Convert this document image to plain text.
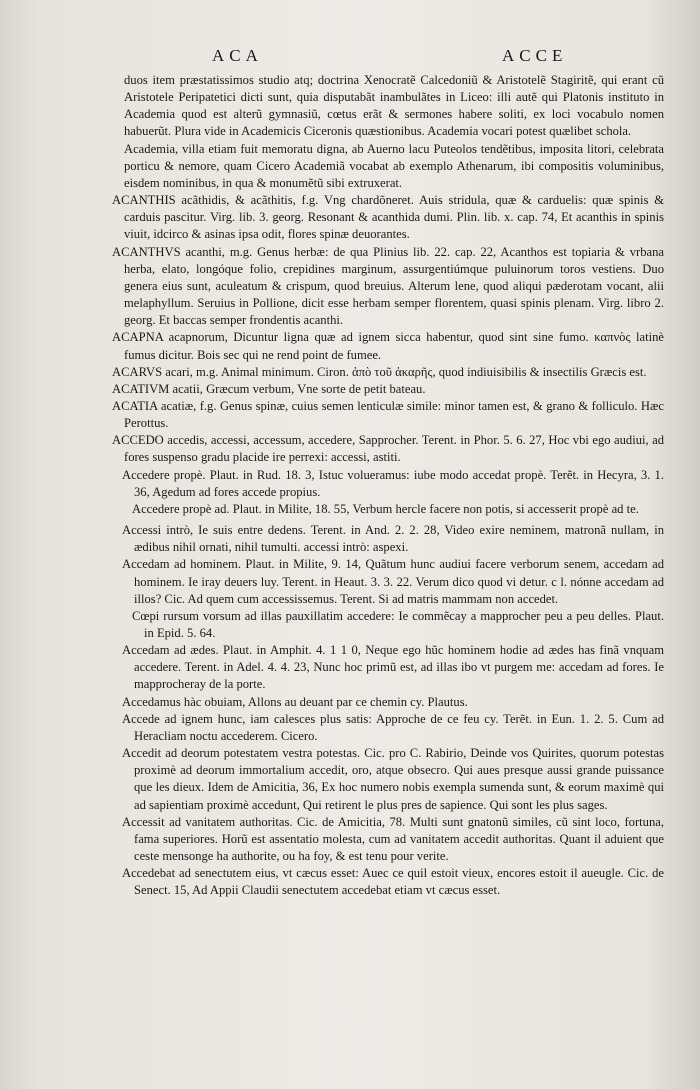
ACA	ACCE

duos item præstatissimos studio atq; doctrina Xenocratẽ Calcedoniũ & Aristotelẽ Stagiritẽ, qui erant cũ Aristotele Peripatetici dicti sunt, quia disputabãt inambulãtes in Liceo: illi autẽ qui Platonis instituto in Academia quod est alterũ gymnasiũ, cœtus erãt & sermones habere soliti, ex loci vocabulo nomen habuerũt. Plura vide in Academicis Ciceronis quæstionibus. Academia vocari potest quælibet schola.

Academia, villa etiam fuit memoratu digna, ab Auerno lacu Puteolos tendẽtibus, imposita litori, celebrata porticu & nemore, quam Cicero Academiã vocabat ab exemplo Athenarum, ibi compositis voluminibus, eisdem nominibus, in qua & monumẽtũ sibi extruxerat.

ACANTHIS acãthidis, & acãthitis, f.g. Vng chardõneret. Auis stridula, quæ & carduelis: quæ spinis & carduis pascitur. Virg. lib. 3. georg. Resonant & acanthida dumi. Plin. lib. x. cap. 74, Et acanthis in spinis viuit, idcirco & asinas ipsa odit, flores spinæ deuorantes.

ACANTHVS acanthi, m.g. Genus herbæ: de qua Plinius lib. 22. cap. 22, Acanthos est topiaria & vrbana herba, elato, longóque folio, crepidines marginum, assurgentiúmque puluinorum toros vestiens. Duo genera eius sunt, aculeatum & crispum, quod breuius. Alterum lene, quod aliqui pæderotam vocant, alii melaphyllum. Seruius in Pollione, dicit esse herbam semper florentem, quasi spinis plenam. Virg. libro 2. georg. Et baccas semper frondentis acanthi.

ACAPNA acapnorum, Dicuntur ligna quæ ad ignem sicca habentur, quod sint sine fumo. καπνὸς latinè fumus dicitur. Bois sec qui ne rend point de fumee.

ACARVS acari, m.g. Animal minimum. Ciron. ἀπὸ τοῦ ἀκαρῆς, quod indiuisibilis & insectilis Græcis est.

ACATIVM acatii, Græcum verbum, Vne sorte de petit bateau.

ACATIA acatiæ, f.g. Genus spinæ, cuius semen lenticulæ simile: minor tamen est, & grano & folliculo. Hæc Perottus.

ACCEDO accedis, accessi, accessum, accedere, Sapprocher. Terent. in Phor. 5. 6. 27, Hoc vbi ego audiui, ad fores suspenso gradu placide ire perrexi: accessi, astiti.

Accedere propè. Plaut. in Rud. 18. 3, Istuc volueramus: iube modo accedat propè. Terẽt. in Hecyra, 3. 1. 36, Agedum ad fores accede propius.

Accedere propè ad. Plaut. in Milite, 18. 55, Verbum hercle facere non potis, si accesserit propè ad te.

Accessi intrò, Ie suis entre dedens. Terent. in And. 2. 2. 28, Video exire neminem, matronã nullam, in ædibus nihil ornati, nihil tumulti. accessi intrò: aspexi.

Accedam ad hominem. Plaut. in Milite, 9. 14, Quãtum hunc audiui facere verborum senem, accedam ad hominem. Ie iray deuers luy. Terent. in Heaut. 3. 3. 22. Verum dico quod vi detur. c l. nónne accedam ad illos? Cic. Ad quem cum accessissemus. Terent. Si ad matris mammam non accedet.

Cœpi rursum vorsum ad illas pauxillatim accedere: Ie commẽcay a mapprocher peu a peu delles. Plaut. in Epid. 5. 64.

Accedam ad ædes. Plaut. in Amphit. 4. 1 1 0, Neque ego hũc hominem hodie ad ædes has finã vnquam accedere. Terent. in Adel. 4. 4. 23, Nunc hoc primũ est, ad illas ibo vt purgem me: accedam ad fores. Ie mapprocheray de la porte.

Accedamus hàc obuiam, Allons au deuant par ce chemin cy. Plautus.

Accede ad ignem hunc, iam calesces plus satis: Approche de ce feu cy. Terẽt. in Eun. 1. 2. 5. Cum ad Heracliam noctu accederem. Cicero.

Accedit ad deorum potestatem vestra potestas. Cic. pro C. Rabirio, Deinde vos Quirites, quorum potestas proximè ad deorum immortalium accedit, oro, atque obsecro. Qui aues presque aussi grande puissance que les dieux. Idem de Amicitia, 36, Ex hoc numero nobis exempla sumenda sunt, & eorum maximè qui ad sapientiam proximè accedunt, Qui retirent le plus pres de sapience. Qui sont les plus sages.

Accessit ad vanitatem authoritas. Cic. de Amicitia, 78. Multi sunt gnatonũ similes, cũ sint loco, fortuna, fama superiores. Horũ est assentatio molesta, cum ad vanitatem accedit authoritas. Quant il aduient que ceste mensonge ha authorite, ou ha foy, & est tenu pour verite.

Accedebat ad senectutem eius, vt cæcus esset: Auec ce quil estoit vieux, encores estoit il aueugle. Cic. de Senect. 15, Ad Appii Claudii senectutem accedebat etiam vt cæcus esset.
